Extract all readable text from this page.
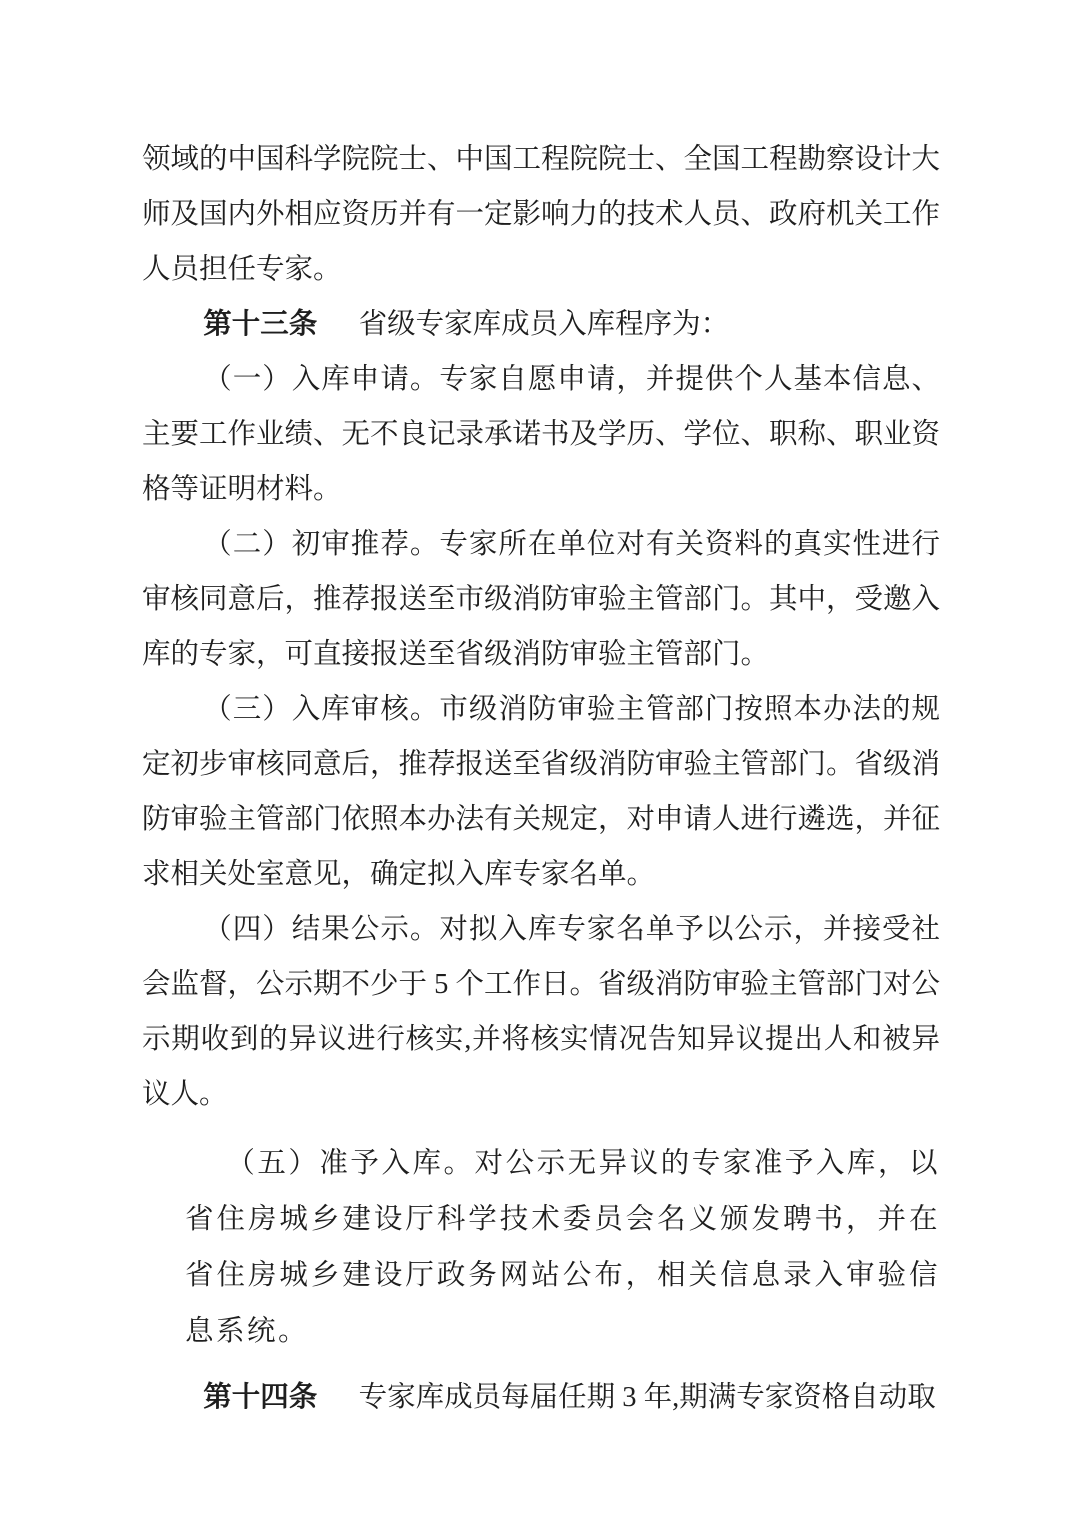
领域的中国科学院院士、中国工程院院士、全国工程勘察设计大师及国内外相应资历并有一定影响力的技术人员、政府机关工作人员担任专家。

第十三条 省级专家库成员入库程序为：

（一）入库申请。专家自愿申请，并提供个人基本信息、主要工作业绩、无不良记录承诺书及学历、学位、职称、职业资格等证明材料。

（二）初审推荐。专家所在单位对有关资料的真实性进行审核同意后，推荐报送至市级消防审验主管部门。其中，受邀入库的专家，可直接报送至省级消防审验主管部门。

（三）入库审核。市级消防审验主管部门按照本办法的规定初步审核同意后，推荐报送至省级消防审验主管部门。省级消防审验主管部门依照本办法有关规定，对申请人进行遴选，并征求相关处室意见，确定拟入库专家名单。

（四）结果公示。对拟入库专家名单予以公示，并接受社会监督，公示期不少于 5 个工作日。省级消防审验主管部门对公示期收到的异议进行核实,并将核实情况告知异议提出人和被异议人。

（五）准予入库。对公示无异议的专家准予入库，以省住房城乡建设厅科学技术委员会名义颁发聘书，并在省住房城乡建设厅政务网站公布，相关信息录入审验信息系统。

第十四条 专家库成员每届任期 3 年,期满专家资格自动取
